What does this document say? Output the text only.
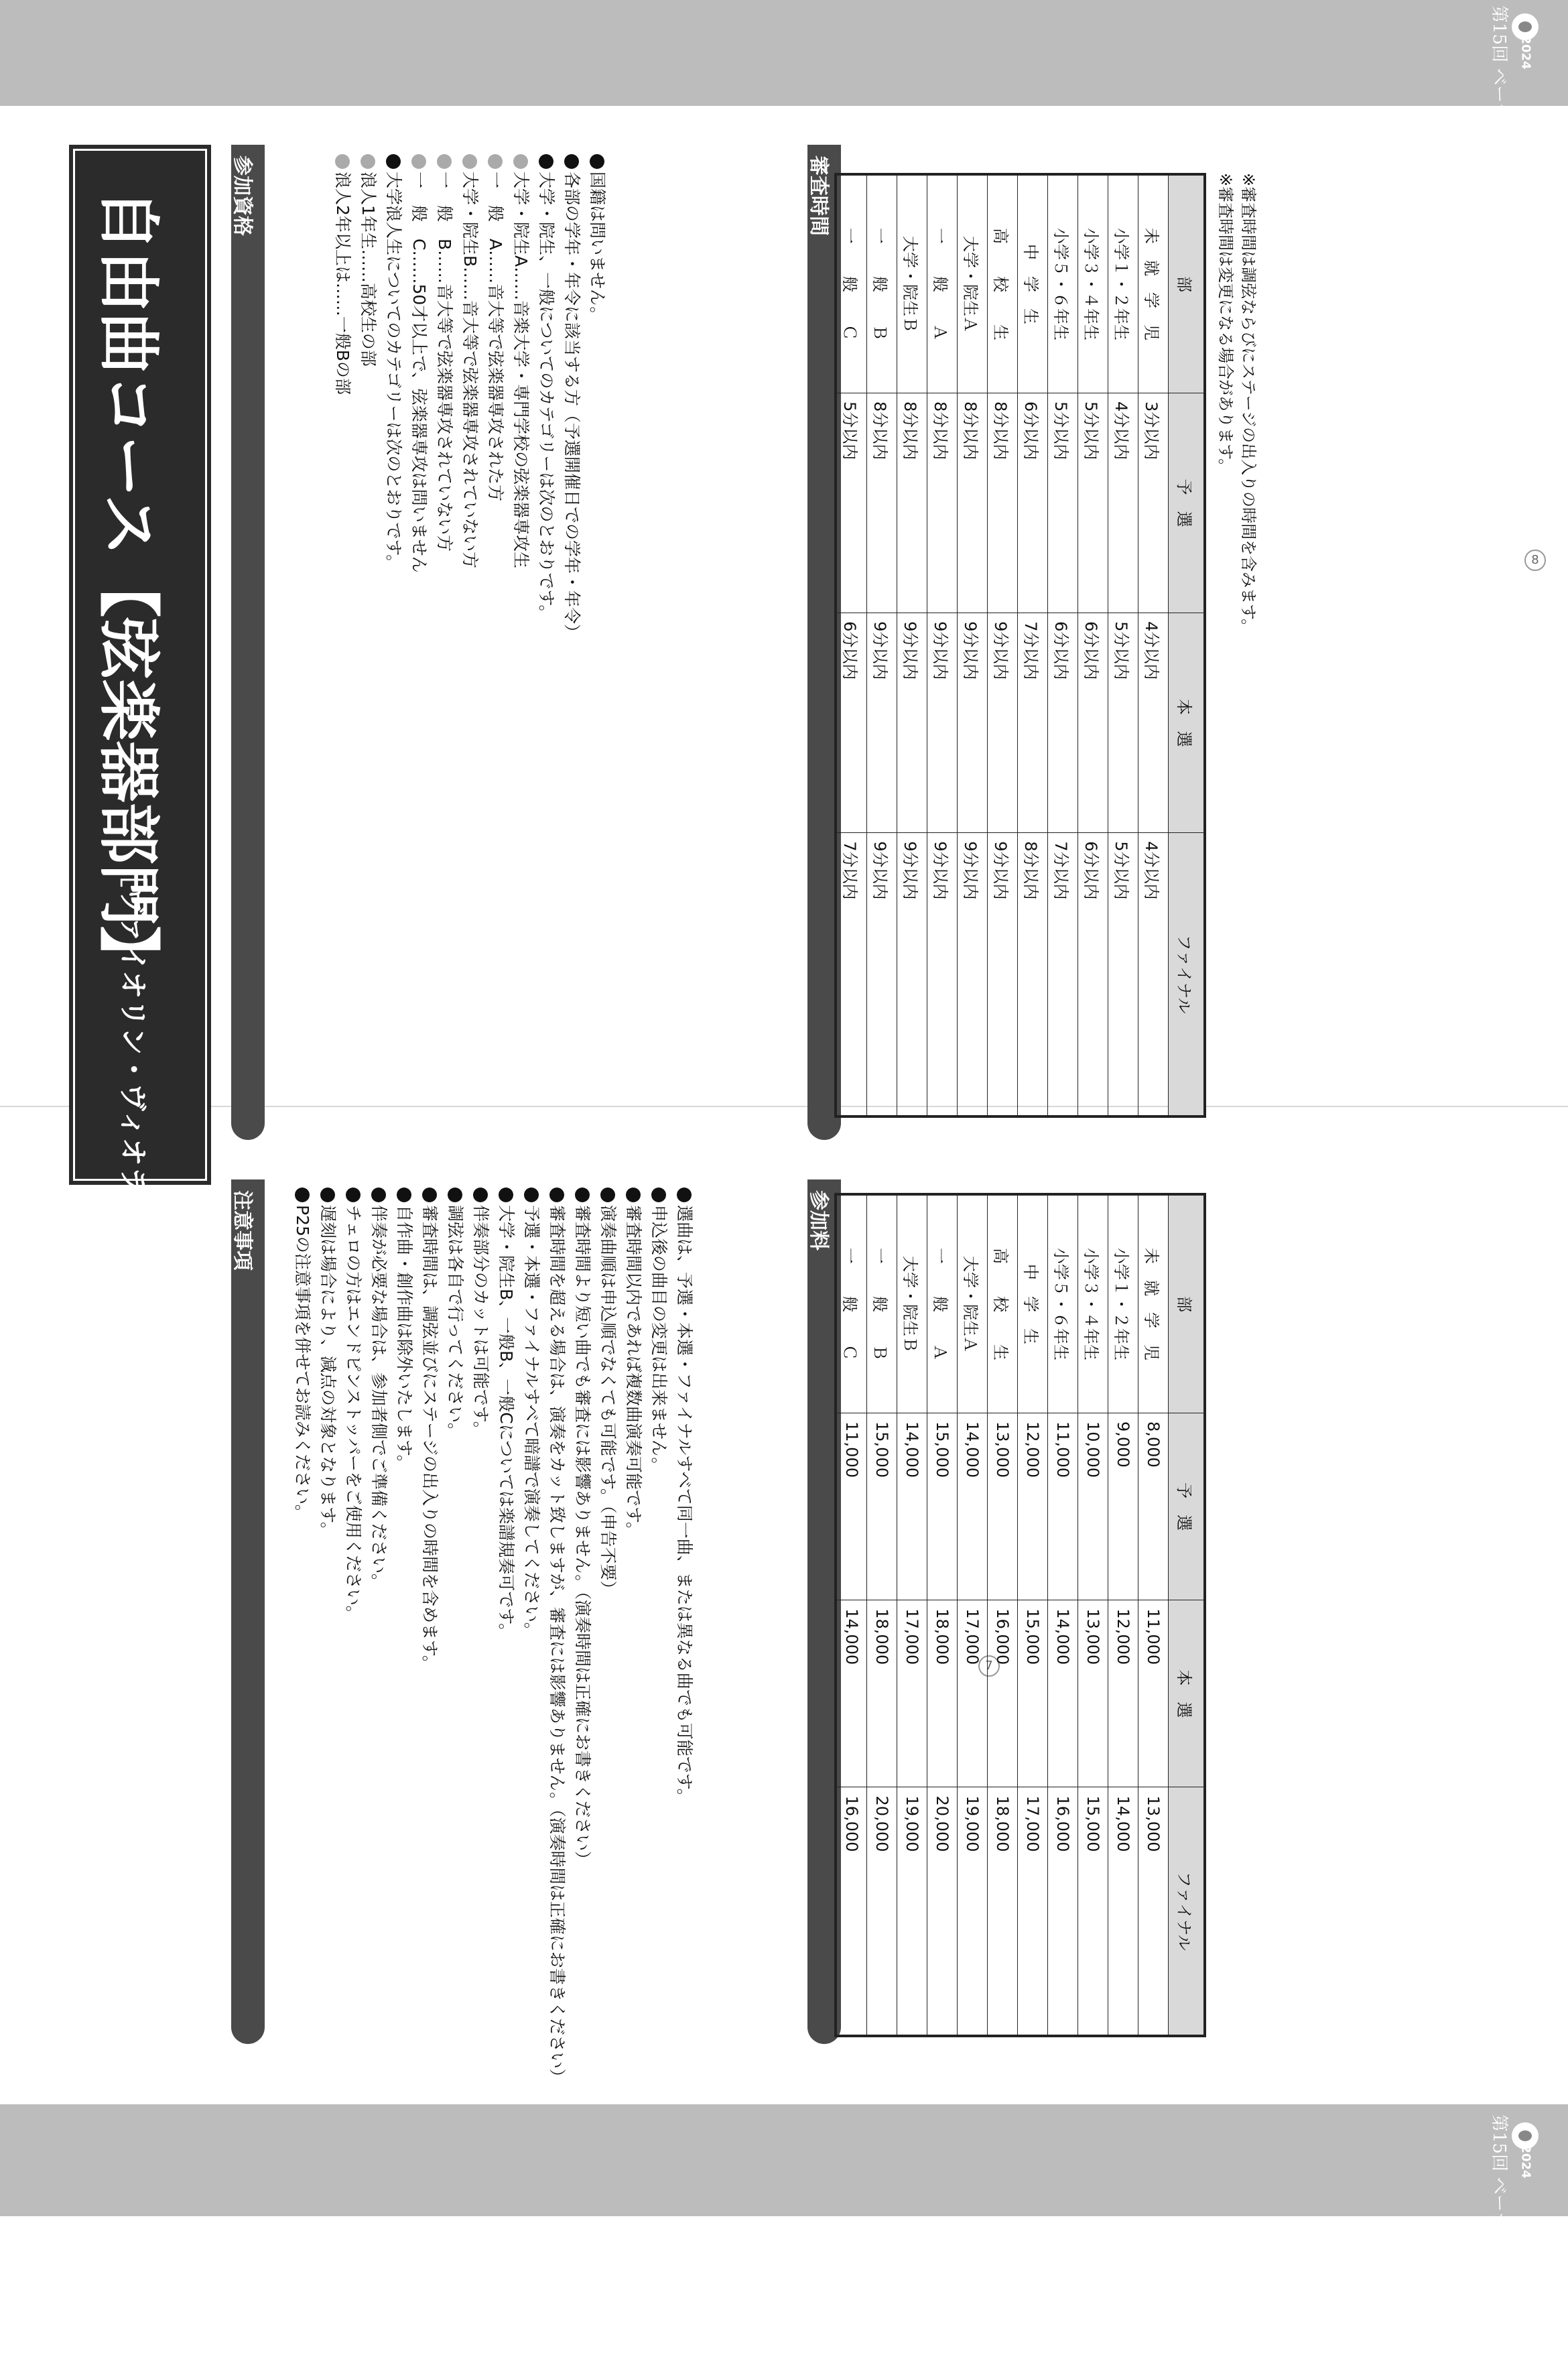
第15回 ベーテン音楽コンクール 2024
第15回 ベーテン音楽コンクール 2024
7
8
自由曲コース【弦楽器部門】
［ヴァイオリン・ヴィオラ・チェロ］
参加資格	国籍は問いません。
各部の学年・年令に該当する方（予選開催日での学年・年令）
大学・院生、一般についてのカテゴリーは次のとおりです。
大学・院生A……音楽大学・専門学校の弦楽器専攻生
一　般　A……音大等で弦楽器専攻された方
大学・院生B……音大等で弦楽器専攻されていない方
一　般　B……音大等で弦楽器専攻されていない方
一　般　C……50才以上で、弦楽器専攻は問いません
大学浪人生についてのカテゴリーは次のとおりです。
浪人1年生……高校生の部
浪人2年以上は……一般Bの部	審査時間
部	予　選	本　選	ファイナル
未　就　学　児	3分以内	4分以内	4分以内
小学１・２年生	4分以内	5分以内	5分以内
小学３・４年生	5分以内	6分以内	6分以内
小学５・６年生	5分以内	6分以内	7分以内
中　学　生	6分以内	7分以内	8分以内
高　　校　　生	8分以内	9分以内	9分以内
大学・院生Ａ	8分以内	9分以内	9分以内
一　　般　　Ａ	8分以内	9分以内	9分以内
大学・院生Ｂ	8分以内	9分以内	9分以内
一　　般　　Ｂ	8分以内	9分以内	9分以内
一　　般　　Ｃ	5分以内	6分以内	7分以内
※審査時間は調弦ならびにステージの出入りの時間を含みます。
※審査時間は変更になる場合があります。
注意事項	選曲は、予選・本選・ファイナルすべて同一曲、または異なる曲でも可能です。
申込後の曲目の変更は出来ません。
審査時間以内であれば複数曲演奏可能です。
演奏曲順は申込順でなくても可能です。（申告不要）
審査時間より短い曲でも審査には影響ありません。（演奏時間は正確にお書きください）
審査時間を超える場合は、演奏をカット致しますが、審査には影響ありません。（演奏時間は正確にお書きください）
予選・本選・ファイナルすべて暗譜で演奏してください。
大学・院生B、一般B、一般Cについては楽譜規奏可です。
伴奏部分のカットは可能です。
調弦は各自で行ってください。
審査時間は、調弦並びにステージの出入りの時間を含めます。
自作曲・創作曲は除外いたします。
伴奏が必要な場合は、参加者側でご準備ください。
チェロの方はエンドピンストッパーをご使用ください。
遅刻は場合により、減点の対象となります。
P25の注意事項を併せてお読みください。	参加料
部	予　選	本　選	ファイナル
未　就　学　児	8,000	11,000	13,000
小学１・２年生	9,000	12,000	14,000
小学３・４年生	10,000	13,000	15,000
小学５・６年生	11,000	14,000	16,000
中　学　生	12,000	15,000	17,000
高　　校　　生	13,000	16,000	18,000
大学・院生Ａ	14,000	17,000	19,000
一　　般　　Ａ	15,000	18,000	20,000
大学・院生Ｂ	14,000	17,000	19,000
一　　般　　Ｂ	15,000	18,000	20,000
一　　般　　Ｃ	11,000	14,000	16,000
